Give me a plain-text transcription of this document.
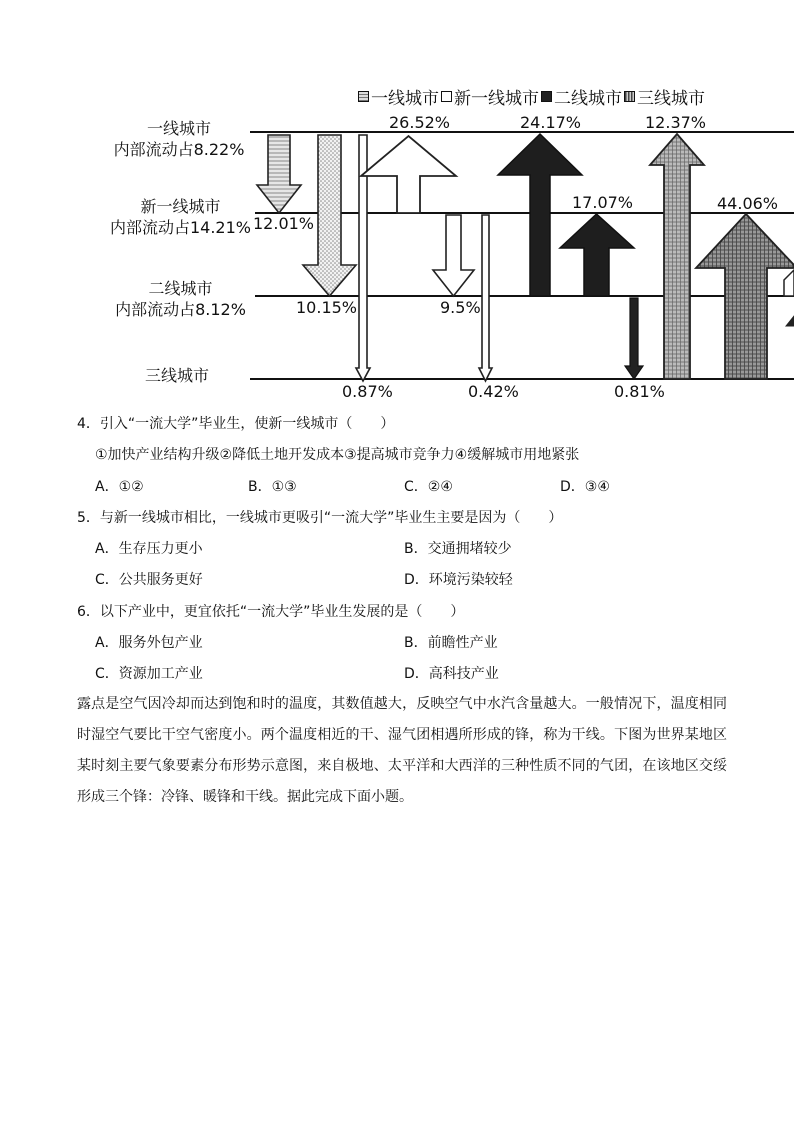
一线城市 新一线城市 二线城市 三线城市
一线城市
内部流动占8.22%
新一线城市
内部流动占14.21%
二线城市
内部流动占8.12%
三线城市
12.01%
10.15%
0.87%
26.52%
9.5%
0.42%
24.17%
17.07%
0.81%
12.37%
44.06%
4．引入“一流大学”毕业生，使新一线城市（　　）
①加快产业结构升级②降低土地开发成本③提高城市竞争力④缓解城市用地紧张
A．①②	B．①③	C．②④	D．③④
5．与新一线城市相比，一线城市更吸引“一流大学”毕业生主要是因为（　　）
A．生存压力更小	B．交通拥堵较少
C．公共服务更好	D．环境污染较轻
6．以下产业中，更宜依托“一流大学”毕业生发展的是（　　）
A．服务外包产业	B．前瞻性产业
C．资源加工产业	D．高科技产业
露点是空气因冷却而达到饱和时的温度，其数值越大，反映空气中水汽含量越大。一般情况下，温度相同时湿空气要比干空气密度小。两个温度相近的干、湿气团相遇所形成的锋，称为干线。下图为世界某地区某时刻主要气象要素分布形势示意图，来自极地、太平洋和大西洋的三种性质不同的气团，在该地区交绥形成三个锋：冷锋、暖锋和干线。据此完成下面小题。
